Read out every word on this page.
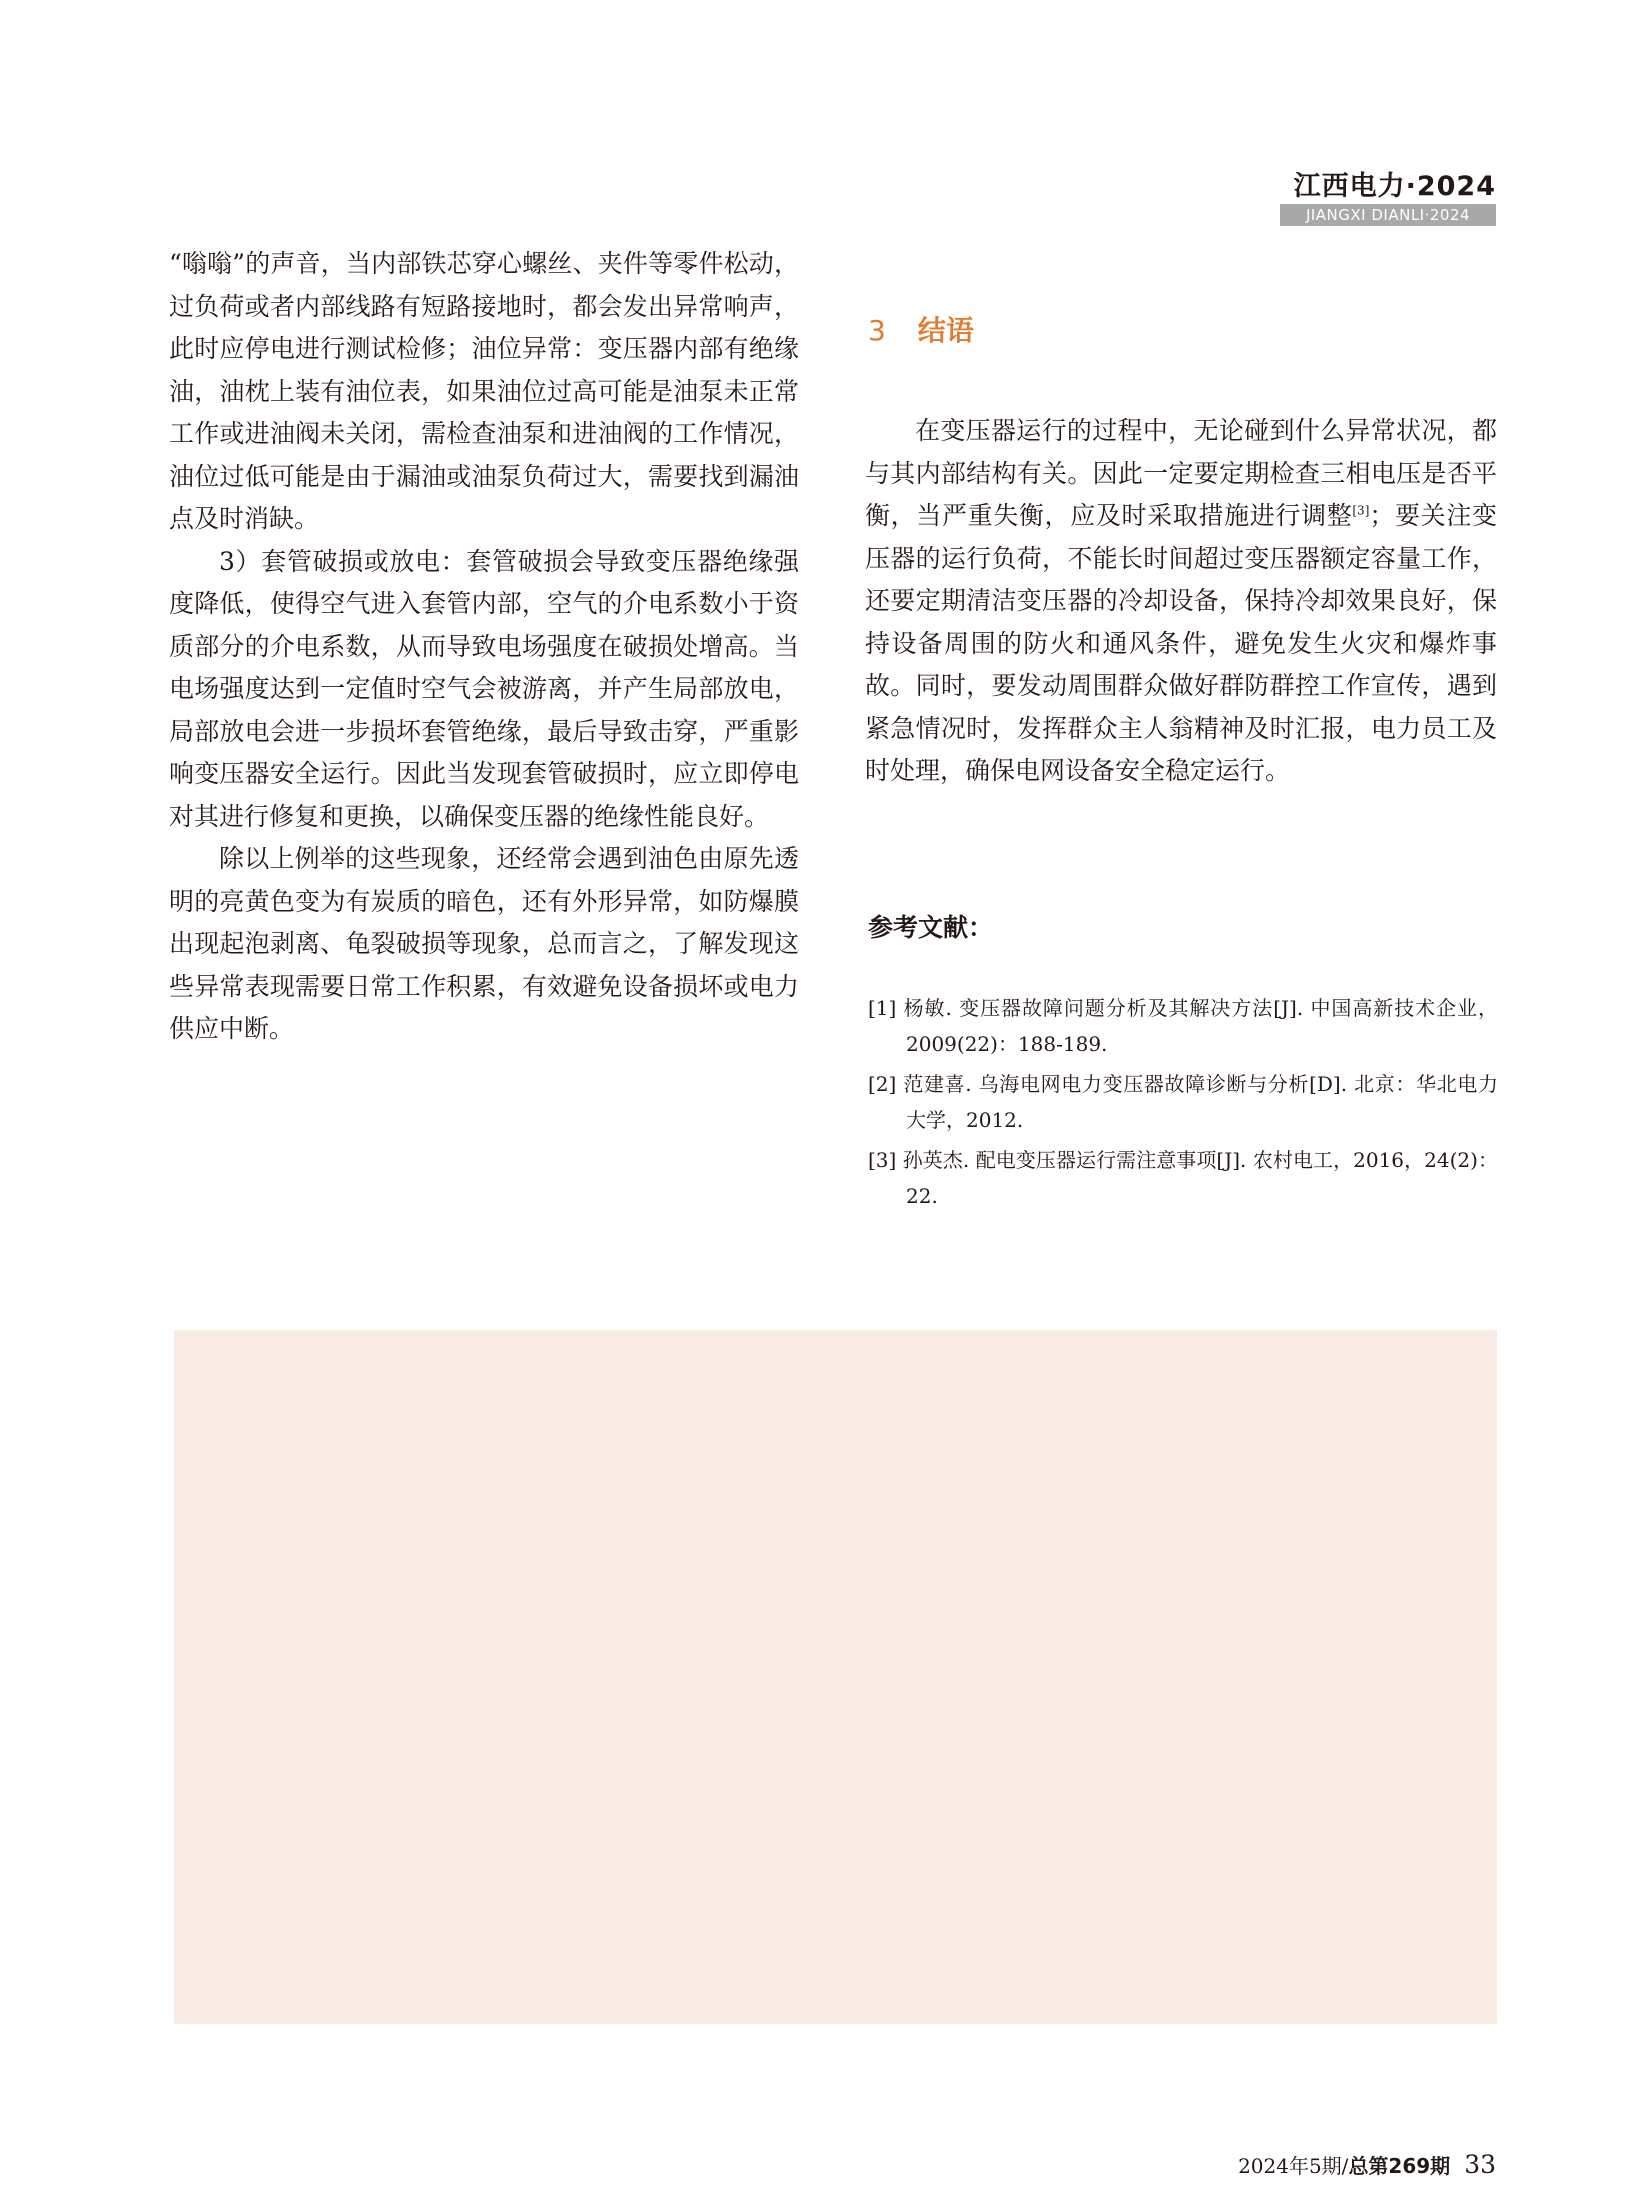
江西电力·2024
JIANGXI DIANLI·2024

“嗡嗡”的声音，当内部铁芯穿心螺丝、夹件等零件松动，过负荷或者内部线路有短路接地时，都会发出异常响声，此时应停电进行测试检修；油位异常：变压器内部有绝缘油，油枕上装有油位表，如果油位过高可能是油泵未正常工作或进油阀未关闭，需检查油泵和进油阀的工作情况，油位过低可能是由于漏油或油泵负荷过大，需要找到漏油点及时消缺。

3）套管破损或放电：套管破损会导致变压器绝缘强度降低，使得空气进入套管内部，空气的介电系数小于资质部分的介电系数，从而导致电场强度在破损处增高。当电场强度达到一定值时空气会被游离，并产生局部放电，局部放电会进一步损坏套管绝缘，最后导致击穿，严重影响变压器安全运行。因此当发现套管破损时，应立即停电对其进行修复和更换，以确保变压器的绝缘性能良好。

除以上例举的这些现象，还经常会遇到油色由原先透明的亮黄色变为有炭质的暗色，还有外形异常，如防爆膜出现起泡剥离、龟裂破损等现象，总而言之，了解发现这些异常表现需要日常工作积累，有效避免设备损坏或电力供应中断。

3 结语

在变压器运行的过程中，无论碰到什么异常状况，都与其内部结构有关。因此一定要定期检查三相电压是否平衡，当严重失衡，应及时采取措施进行调整[3]；要关注变压器的运行负荷，不能长时间超过变压器额定容量工作，还要定期清洁变压器的冷却设备，保持冷却效果良好，保持设备周围的防火和通风条件，避免发生火灾和爆炸事故。同时，要发动周围群众做好群防群控工作宣传，遇到紧急情况时，发挥群众主人翁精神及时汇报，电力员工及时处理，确保电网设备安全稳定运行。

参考文献：
[1] 杨敏. 变压器故障问题分析及其解决方法[J]. 中国高新技术企业，2009(22)：188-189.
[2] 范建喜. 乌海电网电力变压器故障诊断与分析[D]. 北京：华北电力大学，2012.
[3] 孙英杰. 配电变压器运行需注意事项[J]. 农村电工，2016，24(2)：22.
2024年5期/总第269期 33
